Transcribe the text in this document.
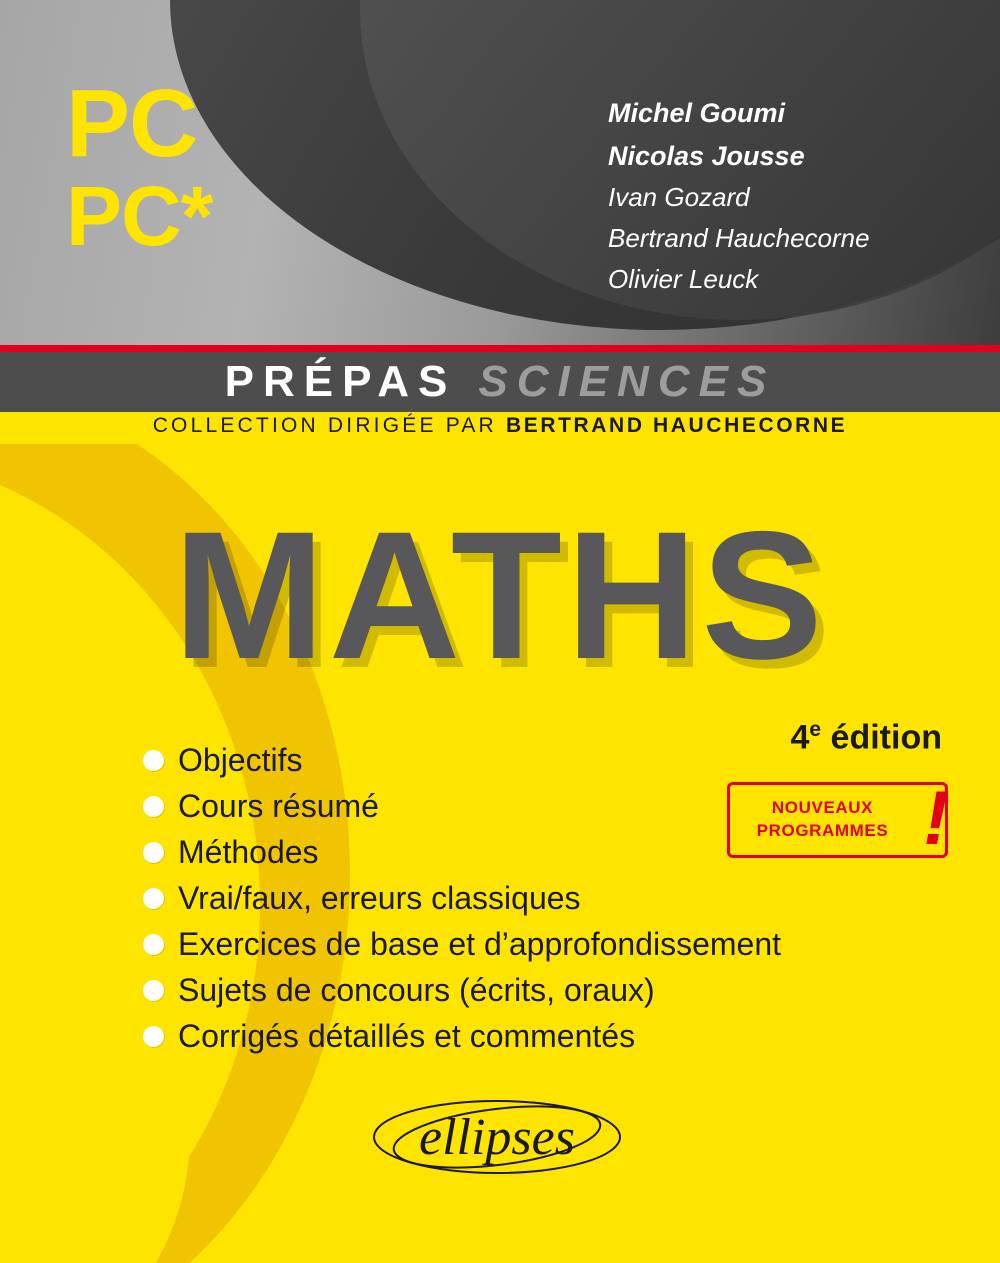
PC
PC*
Michel Goumi
Nicolas Jousse
Ivan Gozard
Bertrand Hauchecorne
Olivier Leuck
PRÉPAS SCIENCES
COLLECTION DIRIGÉE PAR BERTRAND HAUCHECORNE
MATHS
4e édition
NOUVEAUX
PROGRAMMES !
Objectifs
Cours résumé
Méthodes
Vrai/faux, erreurs classiques
Exercices de base et d’approfondissement
Sujets de concours (écrits, oraux)
Corrigés détaillés et commentés
ellipses
